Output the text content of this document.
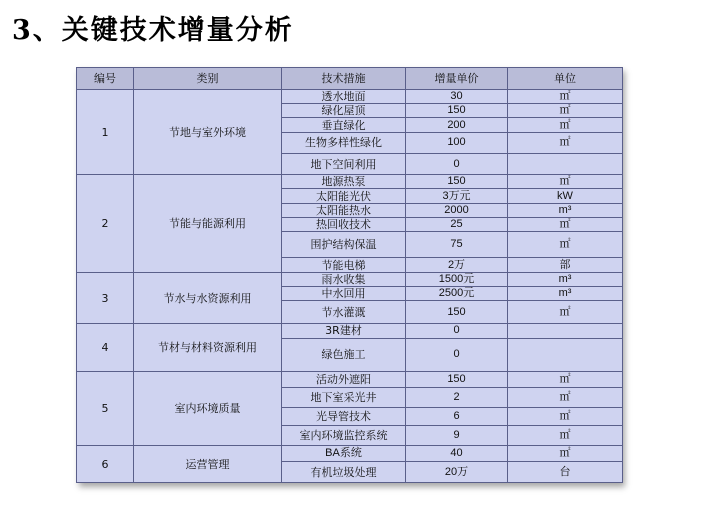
3、关键技术增量分析
编号	类别	技术措施	增量单价	单位
1	节地与室外环境	透水地面	30	㎡
		绿化屋顶	150	㎡
		垂直绿化	200	㎡
		生物多样性绿化	100	㎡
		地下空间利用	0	
2	节能与能源利用	地源热泵	150	㎡
		太阳能光伏	3万元	kW
		太阳能热水	2000	m³
		热回收技术	25	㎡
		围护结构保温	75	㎡
		节能电梯	2万	部
3	节水与水资源利用	雨水收集	1500元	m³
		中水回用	2500元	m³
		节水灌溉	150	㎡
4	节材与材料资源利用	3R建材	0	
		绿色施工	0	
5	室内环境质量	活动外遮阳	150	㎡
		地下室采光井	2	㎡
		光导管技术	6	㎡
		室内环境监控系统	9	㎡
6	运营管理	BA系统	40	㎡
		有机垃圾处理	20万	台
